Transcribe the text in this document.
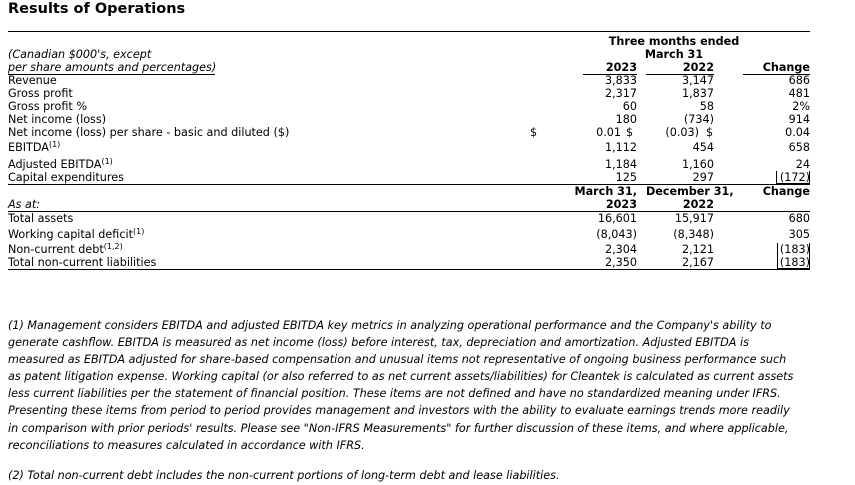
Results of Operations
Three months ended
March 31
(Canadian $000's, except
per share amounts and percentages)	2023	2022	Change
Revenue	3,833	3,147	686
Gross profit	2,317	1,837	481
Gross profit %	60	58	2%
Net income (loss)	180	(734)	914
Net income (loss) per share - basic and diluted ($)	$	0.01 $	(0.03) $	0.04
EBITDA$^{(1)}$	1,112	454	658
Adjusted EBITDA$^{(1)}$	1,184	1,160	24
Capital expenditures	125	297	(172)
March 31, December 31,	Change
As at:	2023	2022
Total assets	16,601	15,917	680
Working capital deficit$^{(1)}$	(8,043)	(8,348)	305
Non-current debt$^{(1,2)}$	2,304	2,121	(183)
Total non-current liabilities	2,350	2,167	(183)
(1) Management considers EBITDA and adjusted EBITDA key metrics in analyzing operational performance and the Company's ability to generate cashflow. EBITDA is measured as net income (loss) before interest, tax, depreciation and amortization. Adjusted EBITDA is measured as EBITDA adjusted for share-based compensation and unusual items not representative of ongoing business performance such as patent litigation expense. Working capital (or also referred to as net current assets/liabilities) for Cleantek is calculated as current assets less current liabilities per the statement of financial position. These items are not defined and have no standardized meaning under IFRS. Presenting these items from period to period provides management and investors with the ability to evaluate earnings trends more readily in comparison with prior periods' results. Please see "Non-IFRS Measurements" for further discussion of these items, and where applicable, reconciliations to measures calculated in accordance with IFRS.
(2) Total non-current debt includes the non-current portions of long-term debt and lease liabilities.
